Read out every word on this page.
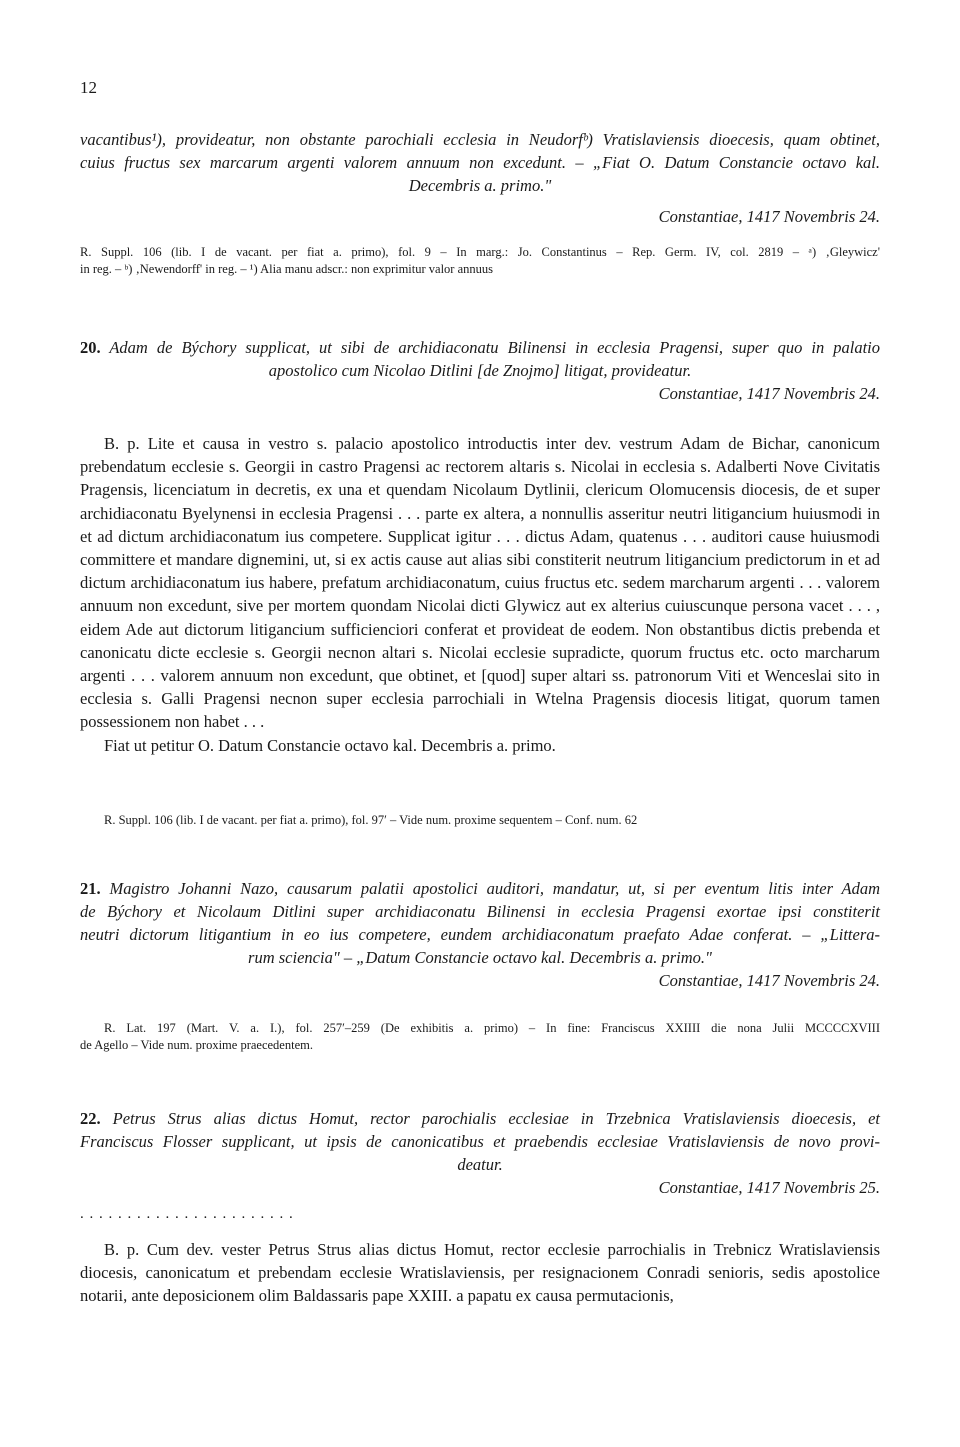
12
vacantibus¹), provideatur, non obstante parochiali ecclesia in Neudorfᵇ) Vratislaviensis dioecesis, quam obtinet,
cuius fructus sex marcarum argenti valorem annuum non excedunt. – „Fiat O. Datum Constancie octavo kal.
Decembris a. primo."
Constantiae, 1417 Novembris 24.
R. Suppl. 106 (lib. I de vacant. per fiat a. primo), fol. 9 – In marg.: Jo. Constantinus – Rep. Germ. IV, col. 2819 – ᵃ) ‚Gleywicz'
in reg. – ᵇ) ‚Newendorff' in reg. – ¹) Alia manu adscr.: non exprimitur valor annuus
20. Adam de Býchory supplicat, ut sibi de archidiaconatu Bilinensi in ecclesia Pragensi, super quo in palatio
apostolico cum Nicolao Ditlini [de Znojmo] litigat, provideatur.
Constantiae, 1417 Novembris 24.

B. p. Lite et causa in vestro s. palacio apostolico introductis inter dev. vestrum Adam de Bichar, canonicum prebendatum ecclesie s. Georgii in castro Pragensi ac rectorem altaris s. Nicolai in ecclesia s. Adalberti Nove Civitatis Pragensis, licenciatum in decretis, ex una et quendam Nicolaum Dytlinii, clericum Olomucensis diocesis, de et super archidiaconatu Byelynensi in ecclesia Pragensi . . . parte ex altera, a nonnullis asseritur neutri litigancium huiusmodi in et ad dictum archidiaconatum ius competere. Supplicat igitur . . . dictus Adam, quatenus . . . auditori cause huiusmodi committere et mandare dignemini, ut, si ex actis cause aut alias sibi constiterit neutrum litigancium predictorum in et ad dictum archidiaconatum ius habere, prefatum archidiaconatum, cuius fructus etc. sedem marcharum argenti . . . valorem annuum non excedunt, sive per mortem quondam Nicolai dicti Glywicz aut ex alterius cuiuscunque persona vacet . . . , eidem Ade aut dictorum litigancium sufficienciori conferat et provideat de eodem. Non obstantibus dictis prebenda et canonicatu dicte ecclesie s. Georgii necnon altari s. Nicolai ecclesie supradicte, quorum fructus etc. octo marcharum argenti . . . valorem annuum non excedunt, que obtinet, et [quod] super altari ss. patronorum Viti et Wenceslai sito in ecclesia s. Galli Pragensi necnon super ecclesia parrochiali in Wtelna Pragensis diocesis litigat, quorum tamen possessionem non habet . . .

Fiat ut petitur O. Datum Constancie octavo kal. Decembris a. primo.

R. Suppl. 106 (lib. I de vacant. per fiat a. primo), fol. 97′ – Vide num. proxime sequentem – Conf. num. 62
21. Magistro Johanni Nazo, causarum palatii apostolici auditori, mandatur, ut, si per eventum litis inter Adam
de Býchory et Nicolaum Ditlini super archidiaconatu Bilinensi in ecclesia Pragensi exortae ipsi constiterit
neutri dictorum litigantium in eo ius competere, eundem archidiaconatum praefato Adae conferat. – „Littera-
rum sciencia" – „Datum Constancie octavo kal. Decembris a. primo."
Constantiae, 1417 Novembris 24.
R. Lat. 197 (Mart. V. a. I.), fol. 257′–259 (De exhibitis a. primo) – In fine: Franciscus XXIIII die nona Julii MCCCCXVIII
de Agello – Vide num. proxime praecedentem.
22. Petrus Strus alias dictus Homut, rector parochialis ecclesiae in Trzebnica Vratislaviensis dioecesis, et
Franciscus Flosser supplicant, ut ipsis de canonicatibus et praebendis ecclesiae Vratislaviensis de novo provi-
deatur.
Constantiae, 1417 Novembris 25.
. . . . . . . . . . . . . . . . . . . . . . .

B. p. Cum dev. vester Petrus Strus alias dictus Homut, rector ecclesie parrochialis in Trebnicz Wratislaviensis diocesis, canonicatum et prebendam ecclesie Wratislaviensis, per resignacionem Conradi senioris, sedis apostolice notarii, ante deposicionem olim Baldassaris pape XXIII. a papatu ex causa permutacionis,
